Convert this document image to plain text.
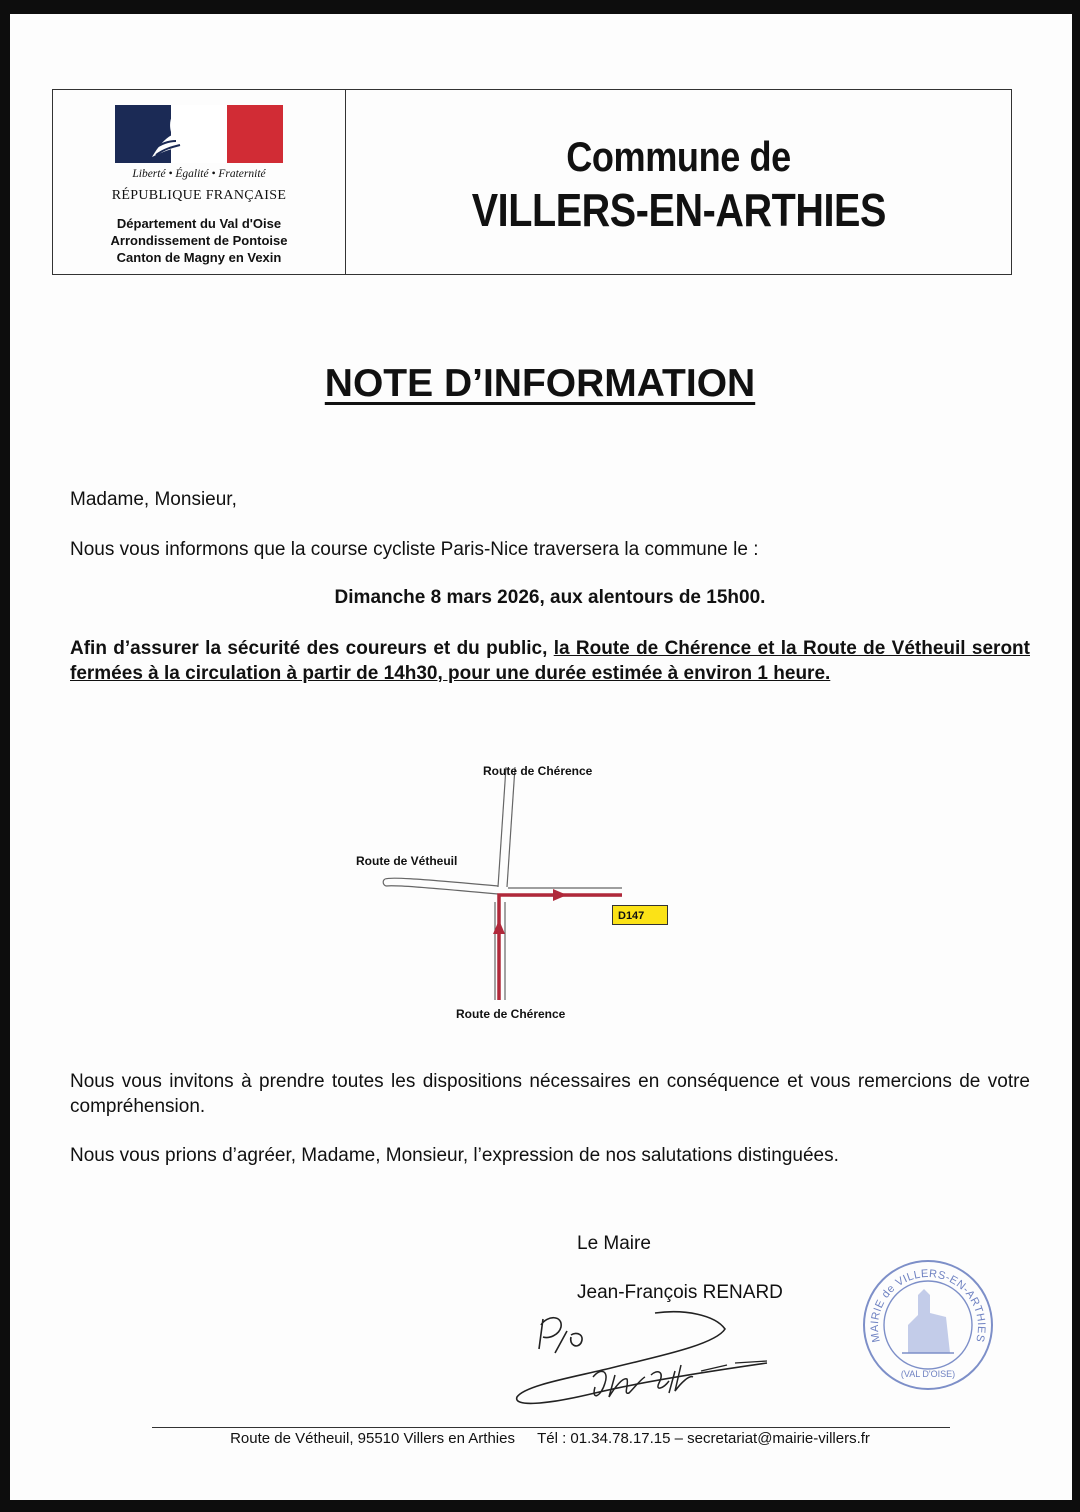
Liberté • Égalité • Fraternité
RÉPUBLIQUE FRANÇAISE
Département du Val d'Oise
Arrondissement de Pontoise
Canton de Magny en Vexin
Commune de
VILLERS-EN-ARTHIES
NOTE D’INFORMATION
Madame, Monsieur,
Nous vous informons que la course cycliste Paris-Nice traversera la commune le :
Dimanche 8 mars 2026, aux alentours de 15h00.
Afin d’assurer la sécurité des coureurs et du public, la Route de Chérence et la Route de Vétheuil seront fermées à la circulation à partir de 14h30, pour une durée estimée à environ 1 heure.
Route de Chérence
Route de Vétheuil
Route de Chérence
D147
Nous vous invitons à prendre toutes les dispositions nécessaires en conséquence et vous remercions de votre compréhension.
Nous vous prions d’agréer, Madame, Monsieur, l’expression de nos salutations distinguées.
Le Maire
Jean-François RENARD
MAIRIE de VILLERS-EN-ARTHIES
(VAL D'OISE)
Route de Vétheuil, 95510 Villers en Arthies Tél : 01.34.78.17.15 – secretariat@mairie-villers.fr
